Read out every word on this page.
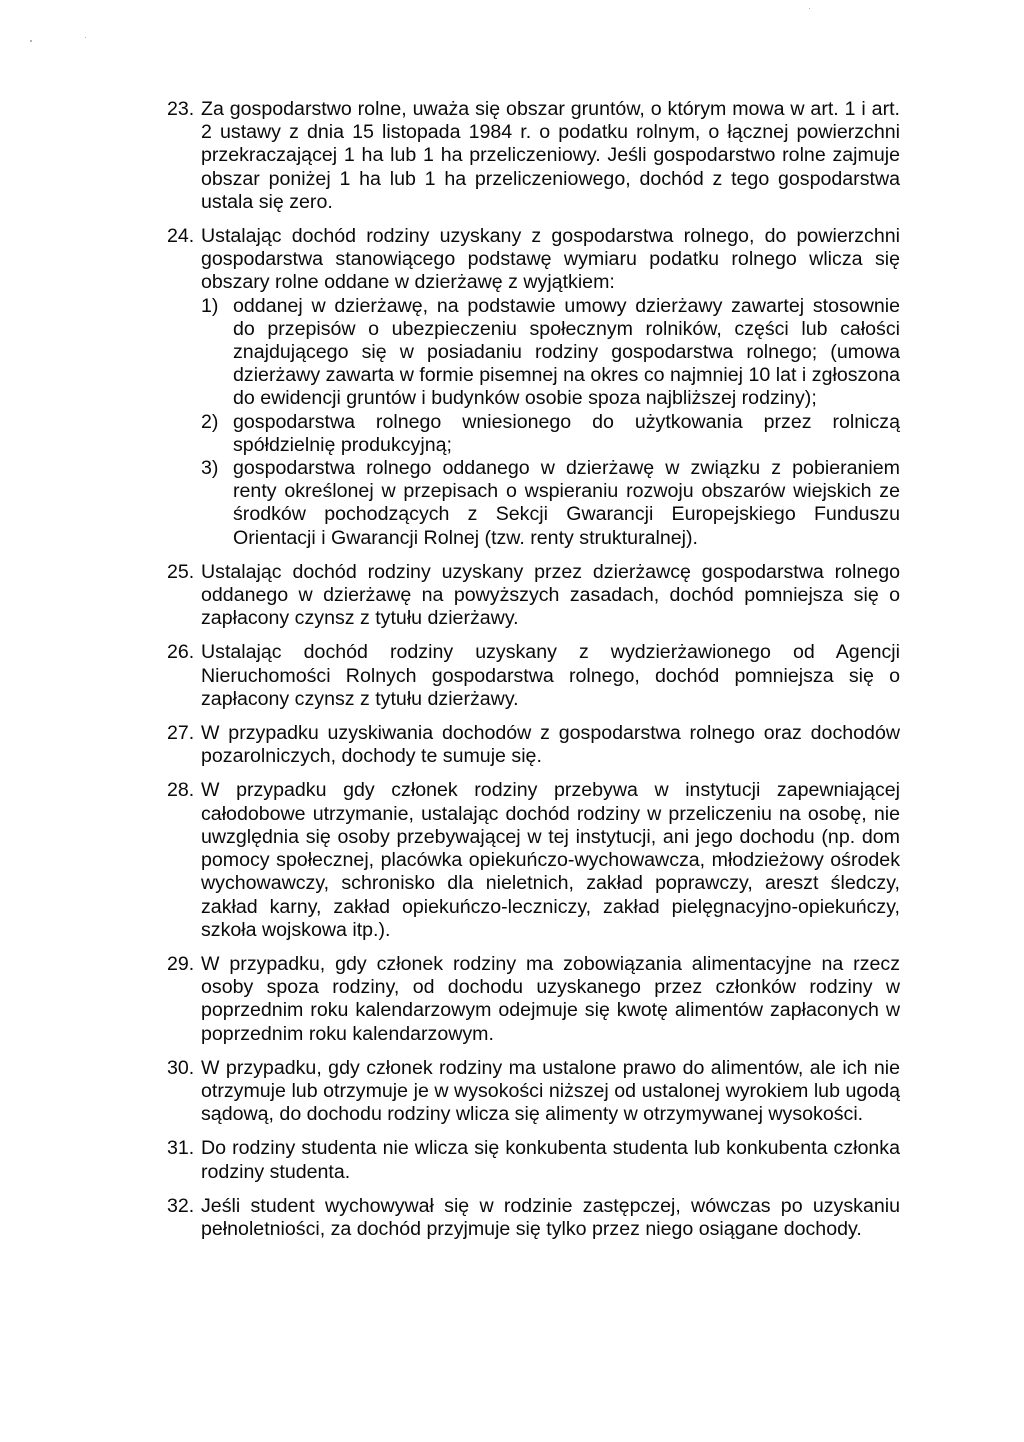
23. Za gospodarstwo rolne, uważa się obszar gruntów, o którym mowa w art. 1 i art. 2 ustawy z dnia 15 listopada 1984 r. o podatku rolnym, o łącznej powierzchni przekraczającej 1 ha lub 1 ha przeliczeniowy. Jeśli gospodarstwo rolne zajmuje obszar poniżej 1 ha lub 1 ha przeliczeniowego, dochód z tego gospodarstwa ustala się zero.
24. Ustalając dochód rodziny uzyskany z gospodarstwa rolnego, do powierzchni gospodarstwa stanowiącego podstawę wymiaru podatku rolnego wlicza się obszary rolne oddane w dzierżawę z wyjątkiem:

1) oddanej w dzierżawę, na podstawie umowy dzierżawy zawartej stosownie do przepisów o ubezpieczeniu społecznym rolników, części lub całości znajdującego się w posiadaniu rodziny gospodarstwa rolnego; (umowa dzierżawy zawarta w formie pisemnej na okres co najmniej 10 lat i zgłoszona do ewidencji gruntów i budynków osobie spoza najbliższej rodziny);
2) gospodarstwa rolnego wniesionego do użytkowania przez rolniczą spółdzielnię produkcyjną;
3) gospodarstwa rolnego oddanego w dzierżawę w związku z pobieraniem renty określonej w przepisach o wspieraniu rozwoju obszarów wiejskich ze środków pochodzących z Sekcji Gwarancji Europejskiego Funduszu Orientacji i Gwarancji Rolnej (tzw. renty strukturalnej).
25. Ustalając dochód rodziny uzyskany przez dzierżawcę gospodarstwa rolnego oddanego w dzierżawę na powyższych zasadach, dochód pomniejsza się o zapłacony czynsz z tytułu dzierżawy.
26. Ustalając dochód rodziny uzyskany z wydzierżawionego od Agencji Nieruchomości Rolnych gospodarstwa rolnego, dochód pomniejsza się o zapłacony czynsz z tytułu dzierżawy.
27. W przypadku uzyskiwania dochodów z gospodarstwa rolnego oraz dochodów pozarolniczych, dochody te sumuje się.
28. W przypadku gdy członek rodziny przebywa w instytucji zapewniającej całodobowe utrzymanie, ustalając dochód rodziny w przeliczeniu na osobę, nie uwzględnia się osoby przebywającej w tej instytucji, ani jego dochodu (np. dom pomocy społecznej, placówka opiekuńczo-wychowawcza, młodzieżowy ośrodek wychowawczy, schronisko dla nieletnich, zakład poprawczy, areszt śledczy, zakład karny, zakład opiekuńczo-leczniczy, zakład pielęgnacyjno-opiekuńczy, szkoła wojskowa itp.).
29. W przypadku, gdy członek rodziny ma zobowiązania alimentacyjne na rzecz osoby spoza rodziny, od dochodu uzyskanego przez członków rodziny w poprzednim roku kalendarzowym odejmuje się kwotę alimentów zapłaconych w poprzednim roku kalendarzowym.
30. W przypadku, gdy członek rodziny ma ustalone prawo do alimentów, ale ich nie otrzymuje lub otrzymuje je w wysokości niższej od ustalonej wyrokiem lub ugodą sądową, do dochodu rodziny wlicza się alimenty w otrzymywanej wysokości.
31. Do rodziny studenta nie wlicza się konkubenta studenta lub konkubenta członka rodziny studenta.
32. Jeśli student wychowywał się w rodzinie zastępczej, wówczas po uzyskaniu pełnoletniości, za dochód przyjmuje się tylko przez niego osiągane dochody.
